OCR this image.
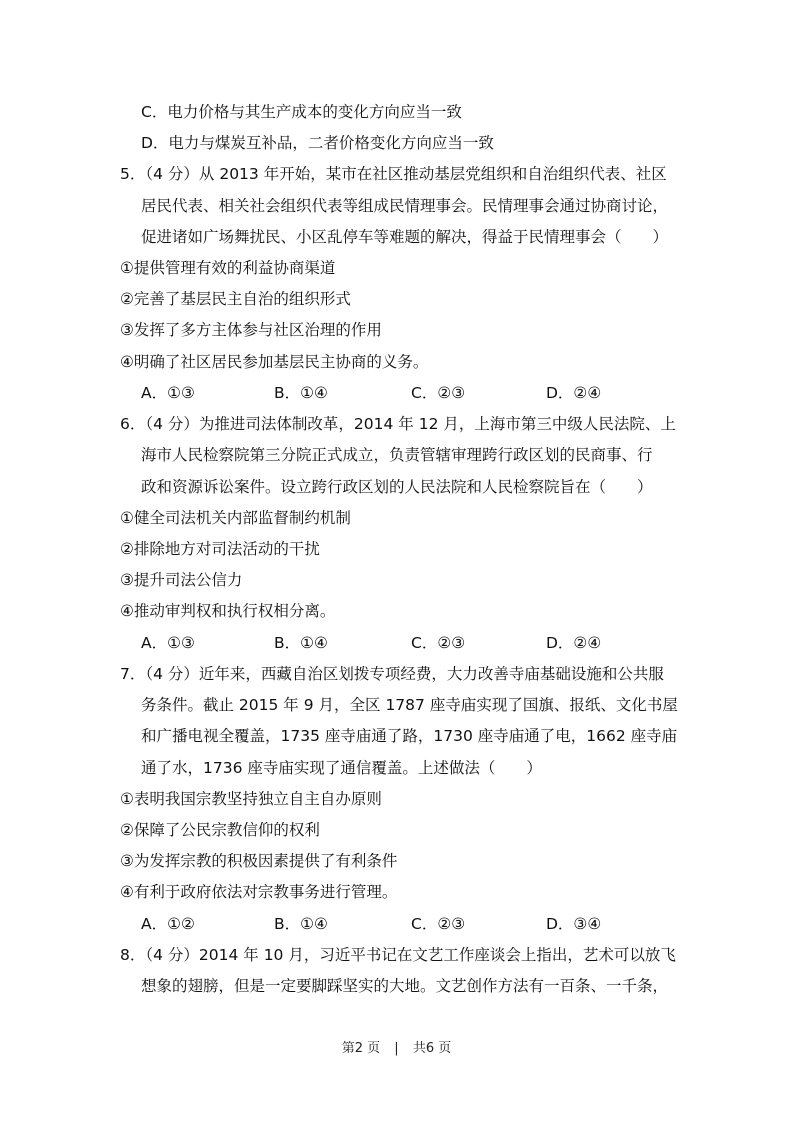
C．电力价格与其生产成本的变化方向应当一致
D．电力与煤炭互补品，二者价格变化方向应当一致
5．（4 分）从 2013 年开始，某市在社区推动基层党组织和自治组织代表、社区
居民代表、相关社会组织代表等组成民情理事会。民情理事会通过协商讨论，
促进诸如广场舞扰民、小区乱停车等难题的解决，得益于民情理事会（　　）
①提供管理有效的利益协商渠道
②完善了基层民主自治的组织形式
③发挥了多方主体参与社区治理的作用
④明确了社区居民参加基层民主协商的义务。
A．①③	B．①④	C．②③	D．②④
6．（4 分）为推进司法体制改革，2014 年 12 月，上海市第三中级人民法院、上
海市人民检察院第三分院正式成立，负责管辖审理跨行政区划的民商事、行
政和资源诉讼案件。设立跨行政区划的人民法院和人民检察院旨在（　　）
①健全司法机关内部监督制约机制
②排除地方对司法活动的干扰
③提升司法公信力
④推动审判权和执行权相分离。
A．①③	B．①④	C．②③	D．②④
7．（4 分）近年来，西藏自治区划拨专项经费，大力改善寺庙基础设施和公共服
务条件。截止 2015 年 9 月，全区 1787 座寺庙实现了国旗、报纸、文化书屋
和广播电视全覆盖，1735 座寺庙通了路，1730 座寺庙通了电，1662 座寺庙
通了水，1736 座寺庙实现了通信覆盖。上述做法（　　）
①表明我国宗教坚持独立自主自办原则
②保障了公民宗教信仰的权利
③为发挥宗教的积极因素提供了有利条件
④有利于政府依法对宗教事务进行管理。
A．①②	B．①④	C．②③	D．③④
8．（4 分）2014 年 10 月，习近平书记在文艺工作座谈会上指出，艺术可以放飞
想象的翅膀，但是一定要脚踩坚实的大地。文艺创作方法有一百条、一千条，
第2 页 | 共6 页
